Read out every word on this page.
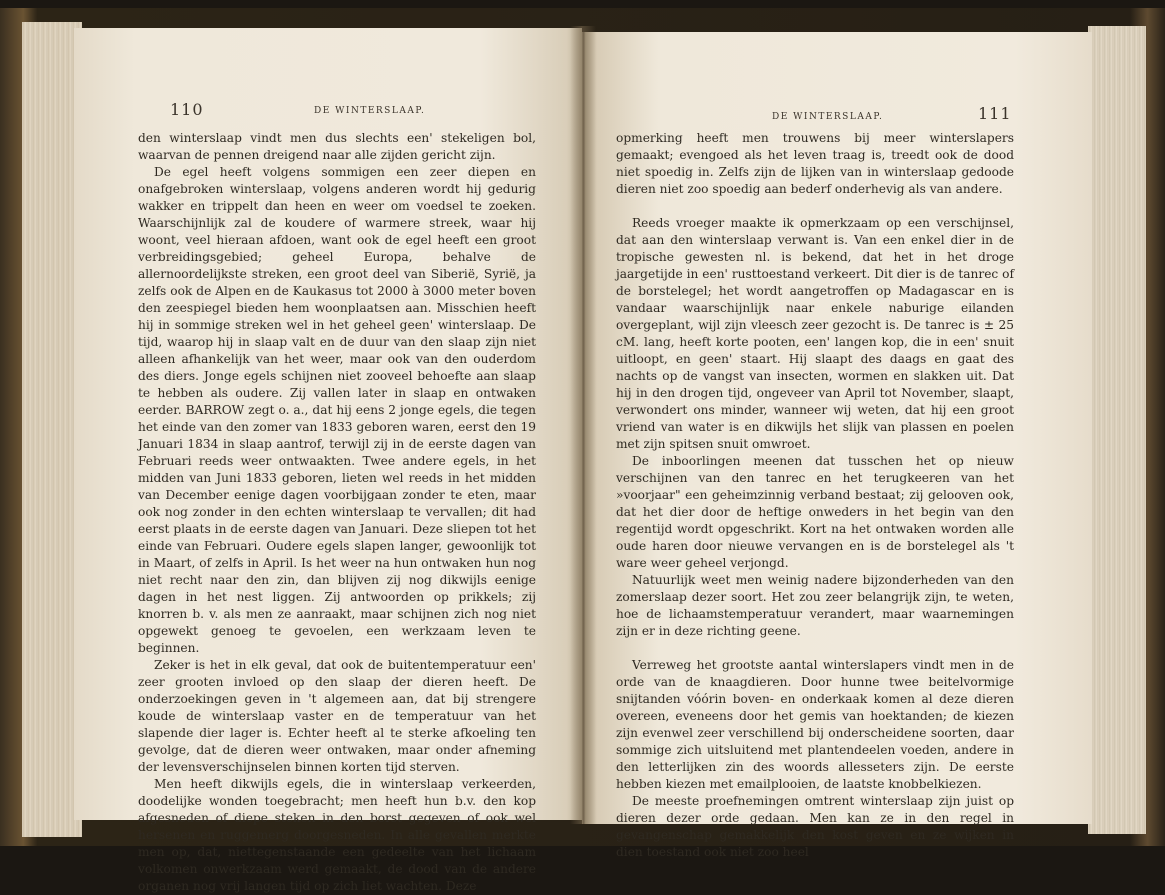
110	DE WINTERSLAAP.

den winterslaap vindt men dus slechts een' stekeligen bol, waarvan de pennen dreigend naar alle zijden gericht zijn.

De egel heeft volgens sommigen een zeer diepen en onafgebroken winterslaap, volgens anderen wordt hij gedurig wakker en trippelt dan heen en weer om voedsel te zoeken. Waarschijnlijk zal de koudere of warmere streek, waar hij woont, veel hieraan afdoen, want ook de egel heeft een groot verbreidingsgebied; geheel Europa, behalve de allernoordelijkste streken, een groot deel van Siberië, Syrië, ja zelfs ook de Alpen en de Kaukasus tot 2000 à 3000 meter boven den zeespiegel bieden hem woonplaatsen aan. Misschien heeft hij in sommige streken wel in het geheel geen' winterslaap. De tijd, waarop hij in slaap valt en de duur van den slaap zijn niet alleen afhankelijk van het weer, maar ook van den ouderdom des diers. Jonge egels schijnen niet zooveel behoefte aan slaap te hebben als oudere. Zij vallen later in slaap en ontwaken eerder. BARROW zegt o. a., dat hij eens 2 jonge egels, die tegen het einde van den zomer van 1833 geboren waren, eerst den 19 Januari 1834 in slaap aantrof, terwijl zij in de eerste dagen van Februari reeds weer ontwaakten. Twee andere egels, in het midden van Juni 1833 geboren, lieten wel reeds in het midden van December eenige dagen voorbijgaan zonder te eten, maar ook nog zonder in den echten winterslaap te vervallen; dit had eerst plaats in de eerste dagen van Januari. Deze sliepen tot het einde van Februari. Oudere egels slapen langer, gewoonlijk tot in Maart, of zelfs in April. Is het weer na hun ontwaken hun nog niet recht naar den zin, dan blijven zij nog dikwijls eenige dagen in het nest liggen. Zij antwoorden op prikkels; zij knorren b. v. als men ze aanraakt, maar schijnen zich nog niet opgewekt genoeg te gevoelen, een werkzaam leven te beginnen.

Zeker is het in elk geval, dat ook de buitentemperatuur een' zeer grooten invloed op den slaap der dieren heeft. De onderzoekingen geven in 't algemeen aan, dat bij strengere koude de winterslaap vaster en de temperatuur van het slapende dier lager is. Echter heeft al te sterke afkoeling ten gevolge, dat de dieren weer ontwaken, maar onder afneming der levensverschijnselen binnen korten tijd sterven.

Men heeft dikwijls egels, die in winterslaap verkeerden, doodelijke wonden toegebracht; men heeft hun b.v. den kop afgesneden of diepe steken in den borst gegeven of ook wel hersenen en ruggemerg doorgesneden. In alle gevallen merkte men op, dat, niettegenstaande een gedeelte van het lichaam volkomen onwerkzaam werd gemaakt, de dood van de andere organen nog vrij langen tijd op zich liet wachten. Deze

DE WINTERSLAAP.	111

opmerking heeft men trouwens bij meer winterslapers gemaakt; evengoed als het leven traag is, treedt ook de dood niet spoedig in. Zelfs zijn de lijken van in winterslaap gedoode dieren niet zoo spoedig aan bederf onderhevig als van andere.

Reeds vroeger maakte ik opmerkzaam op een verschijnsel, dat aan den winterslaap verwant is. Van een enkel dier in de tropische gewesten nl. is bekend, dat het in het droge jaargetijde in een' rusttoestand verkeert. Dit dier is de tanrec of de borstelegel; het wordt aangetroffen op Madagascar en is vandaar waarschijnlijk naar enkele naburige eilanden overgeplant, wijl zijn vleesch zeer gezocht is. De tanrec is ± 25 cM. lang, heeft korte pooten, een' langen kop, die in een' snuit uitloopt, en geen' staart. Hij slaapt des daags en gaat des nachts op de vangst van insecten, wormen en slakken uit. Dat hij in den drogen tijd, ongeveer van April tot November, slaapt, verwondert ons minder, wanneer wij weten, dat hij een groot vriend van water is en dikwijls het slijk van plassen en poelen met zijn spitsen snuit omwroet.

De inboorlingen meenen dat tusschen het op nieuw verschijnen van den tanrec en het terugkeeren van het »voorjaar" een geheimzinnig verband bestaat; zij gelooven ook, dat het dier door de heftige onweders in het begin van den regentijd wordt opgeschrikt. Kort na het ontwaken worden alle oude haren door nieuwe vervangen en is de borstelegel als 't ware weer geheel verjongd.

Natuurlijk weet men weinig nadere bijzonderheden van den zomerslaap dezer soort. Het zou zeer belangrijk zijn, te weten, hoe de lichaamstemperatuur verandert, maar waarnemingen zijn er in deze richting geene.

Verreweg het grootste aantal winterslapers vindt men in de orde van de knaagdieren. Door hunne twee beitelvormige snijtanden vóórin boven- en onderkaak komen al deze dieren overeen, eveneens door het gemis van hoektanden; de kiezen zijn evenwel zeer verschillend bij onderscheidene soorten, daar sommige zich uitsluitend met plantendeelen voeden, andere in den letterlijken zin des woords allesseters zijn. De eerste hebben kiezen met emailplooien, de laatste knobbelkiezen.

De meeste proefnemingen omtrent winterslaap zijn juist op dieren dezer orde gedaan. Men kan ze in den regel in gevangenschap gemakkelijk den kost geven en ze wijken in dien toestand ook niet zoo heel
